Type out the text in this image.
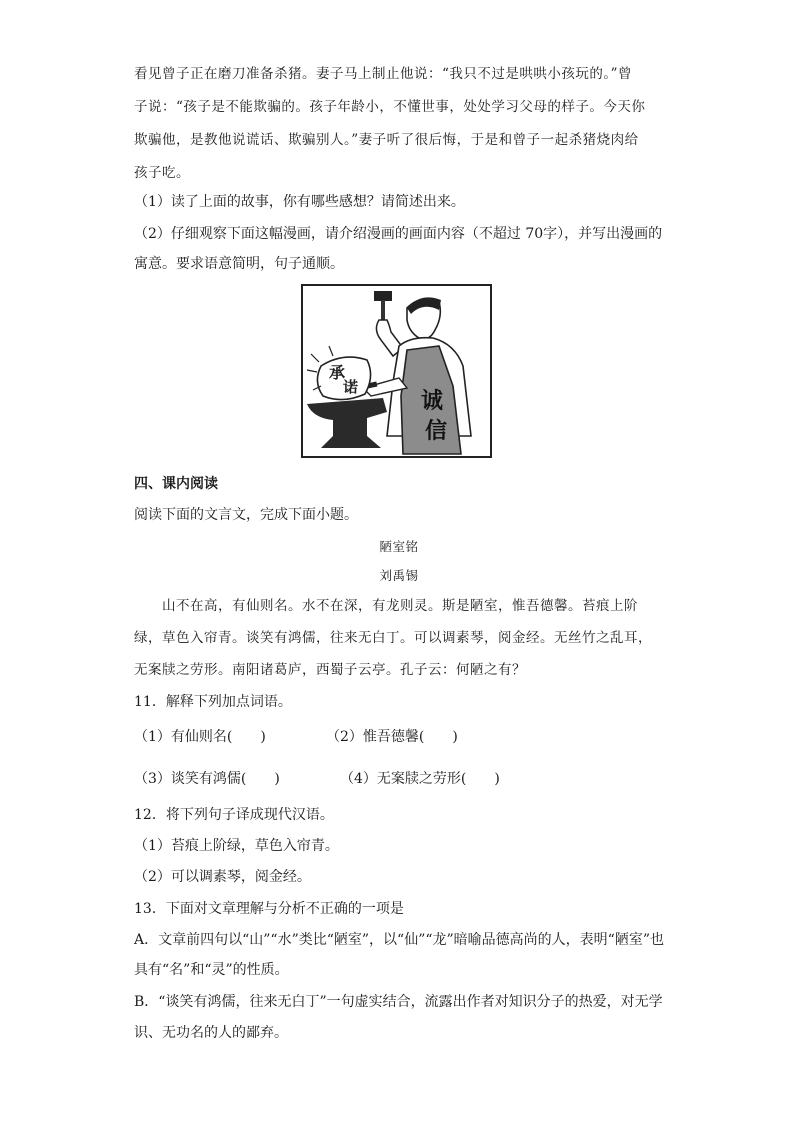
看见曾子正在磨刀准备杀猪。妻子马上制止他说：“我只不过是哄哄小孩玩的。”曾
子说：“孩子是不能欺骗的。孩子年龄小，不懂世事，处处学习父母的样子。今天你
欺骗他，是教他说谎话、欺骗别人。”妻子听了很后悔，于是和曾子一起杀猪烧肉给
孩子吃。
（1）读了上面的故事，你有哪些感想？请简述出来。
（2）仔细观察下面这幅漫画，请介绍漫画的画面内容（不超过 70字），并写出漫画的
寓意。要求语意简明，句子通顺。
承
诺
诚
信
四、课内阅读
阅读下面的文言文，完成下面小题。
陋室铭
刘禹锡
山不在高，有仙则名。水不在深，有龙则灵。斯是陋室，惟吾德馨。苔痕上阶
绿，草色入帘青。谈笑有鸿儒，往来无白丁。可以调素琴，阅金经。无丝竹之乱耳，
无案牍之劳形。南阳诸葛庐，西蜀子云亭。孔子云：何陋之有？
11．解释下列加点词语。
（1）有仙则名(　　)	（2）惟吾德馨(　　)
（3）谈笑有鸿儒(　　)	（4）无案牍之劳形(　　)
12．将下列句子译成现代汉语。
（1）苔痕上阶绿，草色入帘青。
（2）可以调素琴，阅金经。
13．下面对文章理解与分析不正确的一项是
A．文章前四句以“山”“水”类比“陋室”，以“仙”“龙”暗喻品德高尚的人，表明“陋室”也
具有“名”和“灵”的性质。
B．“谈笑有鸿儒，往来无白丁”一句虚实结合，流露出作者对知识分子的热爱，对无学
识、无功名的人的鄙弃。
